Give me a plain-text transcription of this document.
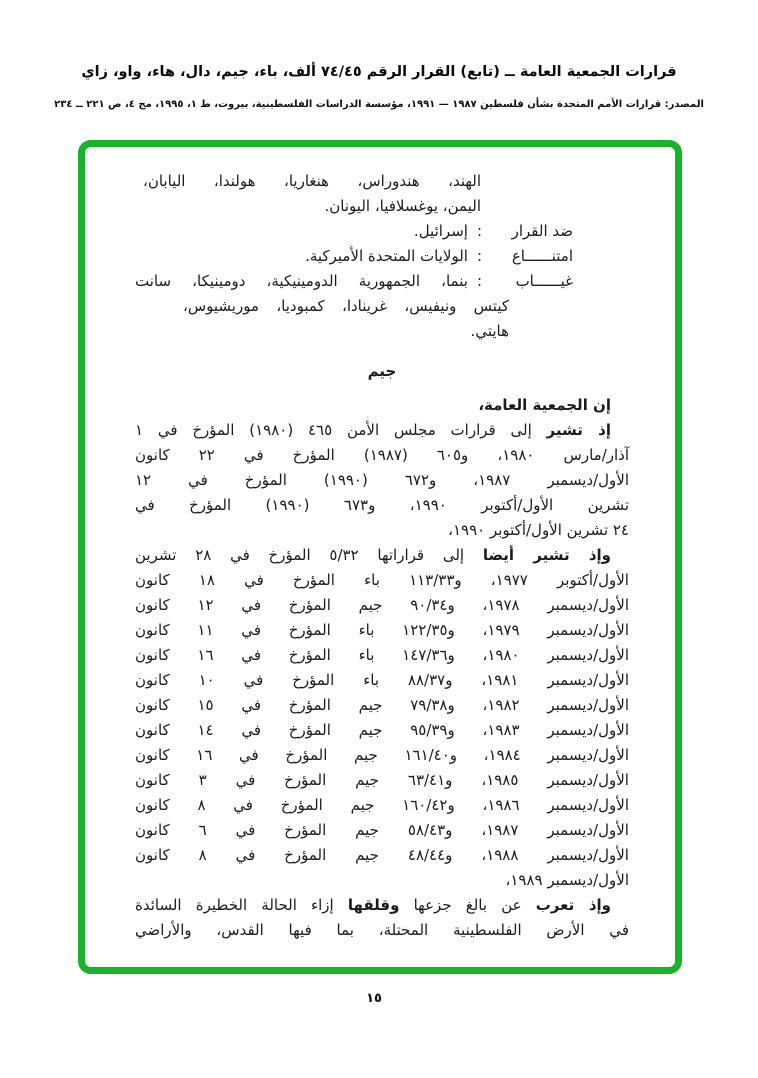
قرارات الجمعية العامة ــ (تابع) القرار الرقم ٧٤/٤٥ ألف، باء، جيم، دال، هاء، واو، زاي
المصدر: قرارات الأمم المتحدة بشأن فلسطين ١٩٨٧ — ١٩٩١، مؤسسة الدراسات الفلسطينية، بيروت، ط ١، ١٩٩٥، مج ٤، ص ٢٢١ ــ ٢٣٤
الهند، هندوراس، هنغاريا، هولندا، اليابان،
اليمن، يوغسلافيا، اليونان.
ضد القرار
:
إسرائيل.
امتنــــــاع
:
الولايات المتحدة الأميركية.
غيــــــاب
:
بنما، الجمهورية الدومينيكية، دومينيكا، سانت
كيتس ونيفيس، غرينادا، كمبوديا، موريشيوس،
هايتي.
جيم
إن الجمعية العامة،
إذ تشير إلى قرارات مجلس الأمن ٤٦٥ (١٩٨٠) المؤرخ في ١
آذار/مارس ١٩٨٠، و٦٠٥ (١٩٨٧) المؤرخ في ٢٢ كانون
الأول/ديسمبر ١٩٨٧، و٦٧٢ (١٩٩٠) المؤرخ في ١٢
تشرين الأول/أكتوبر ١٩٩٠، و٦٧٣ (١٩٩٠) المؤرخ في
٢٤ تشرين الأول/أكتوبر ١٩٩٠،
وإذ تشير أيضا إلى قراراتها ٥/٣٢ المؤرخ في ٢٨ تشرين
الأول/أكتوبر ١٩٧٧، و١١٣/٣٣ باء المؤرخ في ١٨ كانون
الأول/ديسمبر ١٩٧٨، و٩٠/٣٤ جيم المؤرخ في ١٢ كانون
الأول/ديسمبر ١٩٧٩، و١٢٢/٣٥ باء المؤرخ في ١١ كانون
الأول/ديسمبر ١٩٨٠، و١٤٧/٣٦ باء المؤرخ في ١٦ كانون
الأول/ديسمبر ١٩٨١، و٨٨/٣٧ باء المؤرخ في ١٠ كانون
الأول/ديسمبر ١٩٨٢، و٧٩/٣٨ جيم المؤرخ في ١٥ كانون
الأول/ديسمبر ١٩٨٣، و٩٥/٣٩ جيم المؤرخ في ١٤ كانون
الأول/ديسمبر ١٩٨٤، و١٦١/٤٠ جيم المؤرخ في ١٦ كانون
الأول/ديسمبر ١٩٨٥، و٦٣/٤١ جيم المؤرخ في ٣ كانون
الأول/ديسمبر ١٩٨٦، و١٦٠/٤٢ جيم المؤرخ في ٨ كانون
الأول/ديسمبر ١٩٨٧، و٥٨/٤٣ جيم المؤرخ في ٦ كانون
الأول/ديسمبر ١٩٨٨، و٤٨/٤٤ جيم المؤرخ في ٨ كانون
الأول/ديسمبر ١٩٨٩،
وإذ تعرب عن بالغ جزعها وقلقها إزاء الحالة الخطيرة السائدة
في الأرض الفلسطينية المحتلة، بما فيها القدس، والأراضي
١٥
